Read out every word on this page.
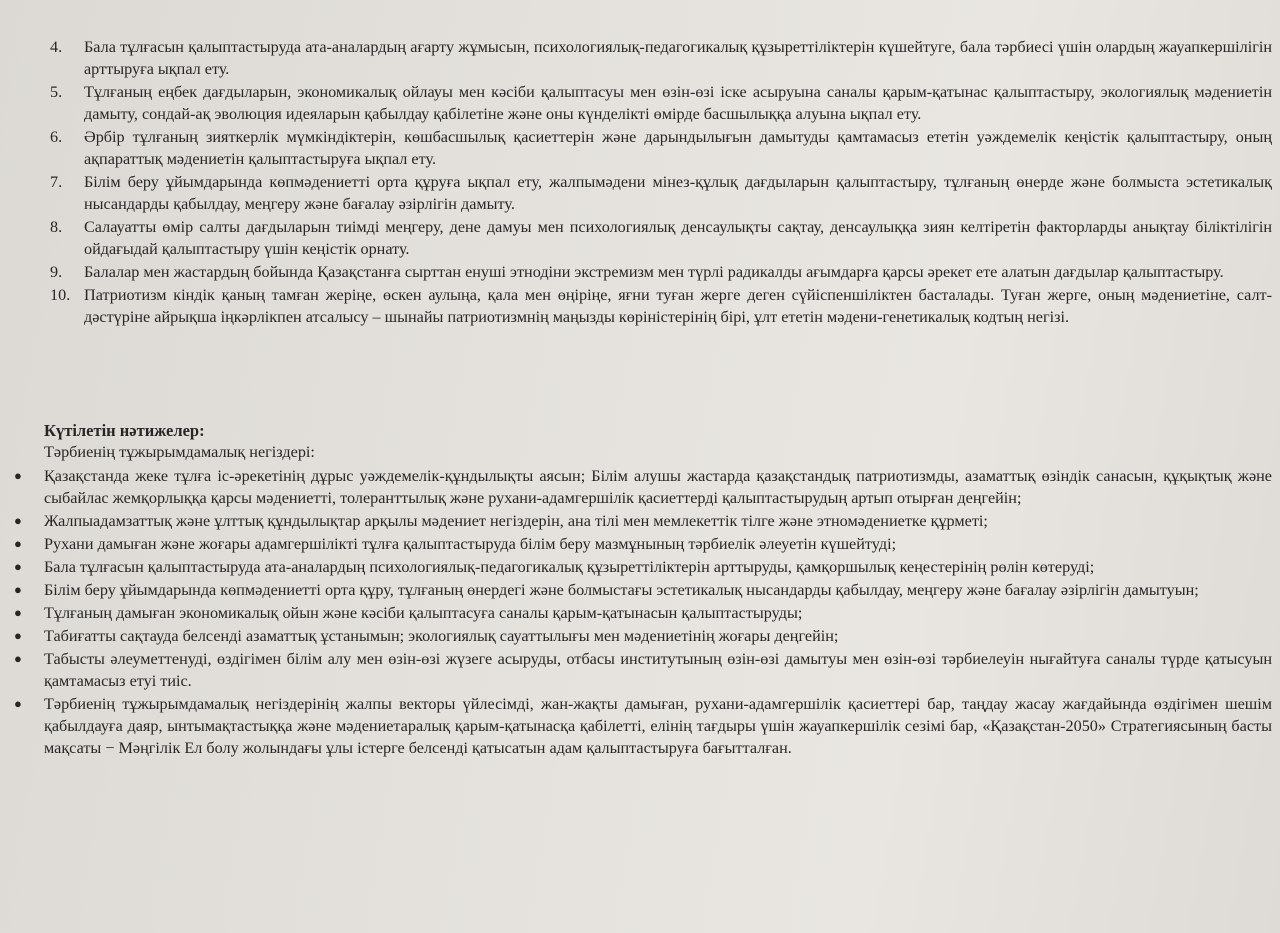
4.	Бала тұлғасын қалыптастыруда ата-аналардың ағарту жұмысын, психологиялық-педагогикалық құзыреттіліктерін күшейтуге, бала тәрбиесі үшін олардың жауапкершілігін арттыруға ықпал ету.
5.	Тұлғаның еңбек дағдыларын, экономикалық ойлауы мен кәсіби қалыптасуы мен өзін-өзі іске асыруына саналы қарым-қатынас қалыптастыру, экологиялық мәдениетін дамыту, сондай-ақ эволюция идеяларын қабылдау қабілетіне және оны күнделікті өмірде басшылыққа алуына ықпал ету.
6.	Әрбір тұлғаның зияткерлік мүмкіндіктерін, көшбасшылық қасиеттерін және дарындылығын дамытуды қамтамасыз ететін уәждемелік кеңістік қалыптастыру, оның ақпараттық мәдениетін қалыптастыруға ықпал ету.
7.	Білім беру ұйымдарында көпмәдениетті орта құруға ықпал ету, жалпымәдени мінез-құлық дағдыларын қалыптастыру, тұлғаның өнерде және болмыста эстетикалық нысандарды қабылдау, меңгеру және бағалау әзірлігін дамыту.
8.	Салауатты өмір салты дағдыларын тиімді меңгеру, дене дамуы мен психологиялық денсаулықты сақтау, денсаулыққа зиян келтіретін факторларды анықтау біліктілігін ойдағыдай қалыптастыру үшін кеңістік орнату.
9.	Балалар мен жастардың бойында Қазақстанға сырттан енуші этнодіни экстремизм мен түрлі радикалды ағымдарға қарсы әрекет ете алатын дағдылар қалыптастыру.
10. Патриотизм кіндік қаның тамған жеріңе, өскен аулыңа, қала мен өңіріңе, яғни туған жерге деген сүйіспеншіліктен басталады. Туған жерге, оның мәдениетіне, салт-дәстүріне айрықша іңкәрлікпен атсалысу – шынайы патриотизмнің маңызды көріністерінің бірі, ұлт ететін мәдени-генетикалық кодтың негізі.
Күтілетін нәтижелер:
Тәрбиенің тұжырымдамалық негіздері:
● Қазақстанда жеке тұлға іс-әрекетінің дұрыс уәждемелік-құндылықты аясын; Білім алушы жастарда қазақстандық патриотизмды, азаматтық өзіндік санасын, құқықтық және сыбайлас жемқорлыққа қарсы мәдениетті, толеранттылық және рухани-адамгершілік қасиеттерді қалыптастырудың артып отырған деңгейін;
● Жалпыадамзаттық және ұлттық құндылықтар арқылы мәдениет негіздерін, ана тілі мен мемлекеттік тілге және этномәдениетке құрметі;
● Рухани дамыған және жоғары адамгершілікті тұлға қалыптастыруда білім беру мазмұнының тәрбиелік әлеуетін күшейтуді;
● Бала тұлғасын қалыптастыруда ата-аналардың психологиялық-педагогикалық құзыреттіліктерін арттыруды, қамқоршылық кеңестерінің рөлін көтеруді;
● Білім беру ұйымдарында көпмәдениетті орта құру, тұлғаның өнердегі және болмыстағы эстетикалық нысандарды қабылдау, меңгеру және бағалау әзірлігін дамытуын;
● Тұлғаның дамыған экономикалық ойын және кәсіби қалыптасуға саналы қарым-қатынасын қалыптастыруды;
● Табиғатты сақтауда белсенді азаматтық ұстанымын; экологиялық сауаттылығы мен мәдениетінің жоғары деңгейін;
● Табысты әлеуметтенуді, өздігімен білім алу мен өзін-өзі жүзеге асыруды, отбасы институтының өзін-өзі дамытуы мен өзін-өзі тәрбиелеуін нығайтуға саналы түрде қатысуын қамтамасыз етуі тиіс.
● Тәрбиенің тұжырымдамалық негіздерінің жалпы векторы үйлесімді, жан-жақты дамыған, рухани-адамгершілік қасиеттері бар, таңдау жасау жағдайында өздігімен шешім қабылдауға даяр, ынтымақтастыққа және мәдениетаралық қарым-қатынасқа қабілетті, елінің тағдыры үшін жауапкершілік сезімі бар, «Қазақстан-2050» Стратегиясының басты мақсаты − Мәңгілік Ел болу жолындағы ұлы істерге белсенді қатысатын адам қалыптастыруға бағытталған.
